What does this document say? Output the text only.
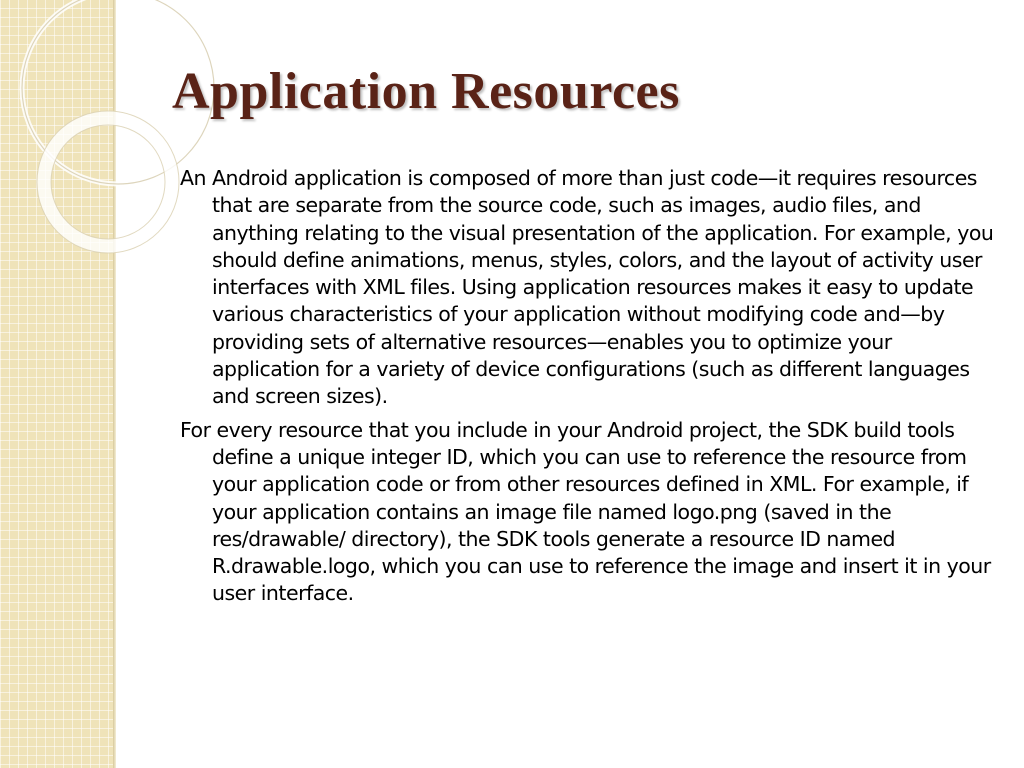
Application Resources

An Android application is composed of more than just code—it requires resources that are separate from the source code, such as images, audio files, and anything relating to the visual presentation of the application. For example, you should define animations, menus, styles, colors, and the layout of activity user interfaces with XML files. Using application resources makes it easy to update various characteristics of your application without modifying code and—by providing sets of alternative resources—enables you to optimize your application for a variety of device configurations (such as different languages and screen sizes).

For every resource that you include in your Android project, the SDK build tools define a unique integer ID, which you can use to reference the resource from your application code or from other resources defined in XML. For example, if your application contains an image file named logo.png (saved in the res/drawable/ directory), the SDK tools generate a resource ID named R.drawable.logo, which you can use to reference the image and insert it in your user interface.
